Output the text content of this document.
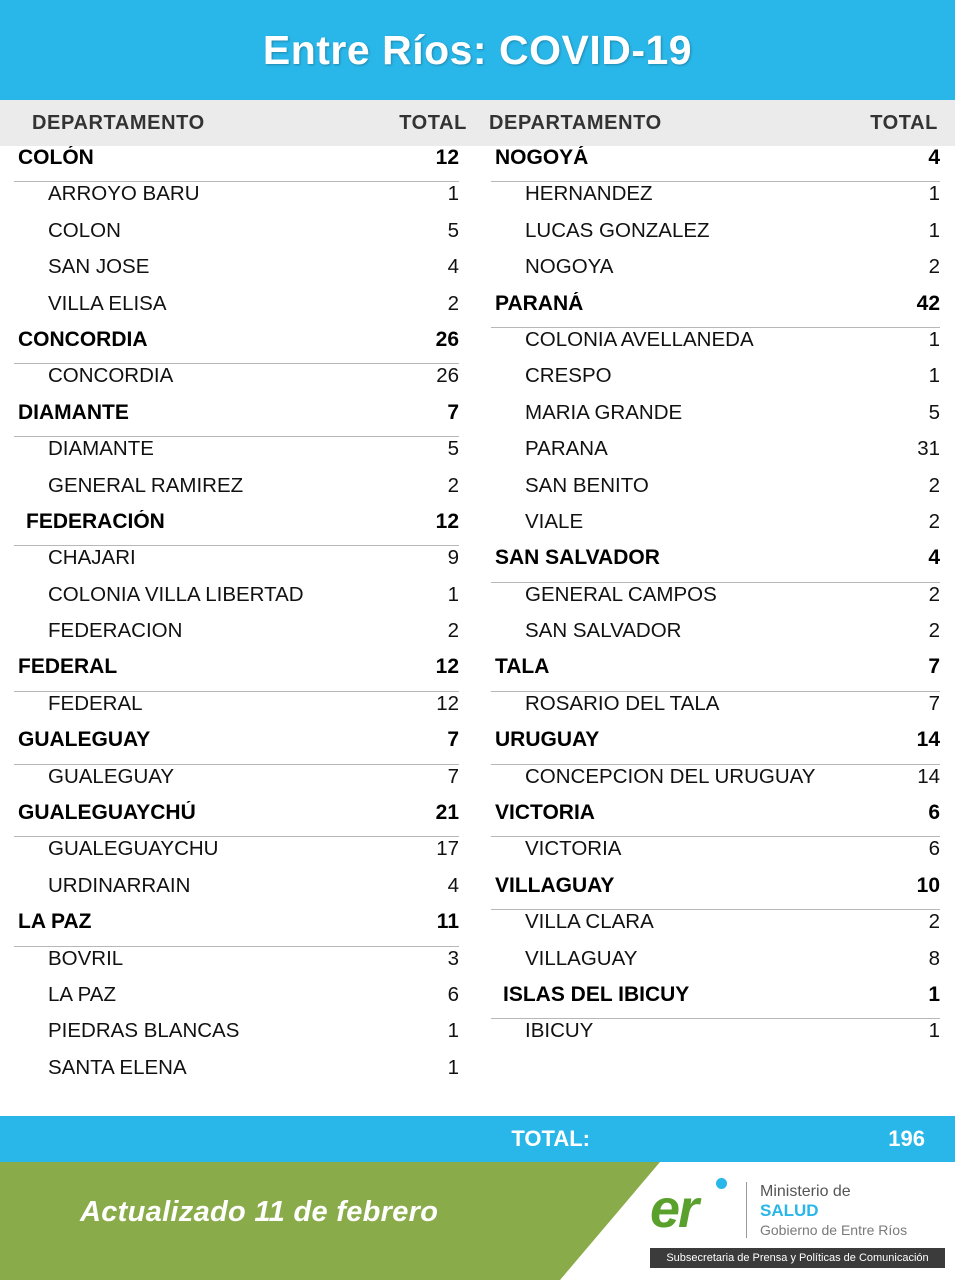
Entre Ríos: COVID-19
DEPARTAMENTO	TOTAL DEPARTAMENTO	TOTAL
COLÓN	12
ARROYO BARU	1
COLON	5
SAN JOSE	4
VILLA ELISA	2
CONCORDIA	26
CONCORDIA	26
DIAMANTE	7
DIAMANTE	5
GENERAL RAMIREZ	2
FEDERACIÓN	12
CHAJARI	9
COLONIA VILLA LIBERTAD	1
FEDERACION	2
FEDERAL	12
FEDERAL	12
GUALEGUAY	7
GUALEGUAY	7
GUALEGUAYCHÚ	21
GUALEGUAYCHU	17
URDINARRAIN	4
LA PAZ	11
BOVRIL	3
LA PAZ	6
PIEDRAS BLANCAS	1
SANTA ELENA	1
NOGOYÁ	4
HERNANDEZ	1
LUCAS GONZALEZ	1
NOGOYA	2
PARANÁ	42
COLONIA AVELLANEDA	1
CRESPO	1
MARIA GRANDE	5
PARANA	31
SAN BENITO	2
VIALE	2
SAN SALVADOR	4
GENERAL CAMPOS	2
SAN SALVADOR	2
TALA	7
ROSARIO DEL TALA	7
URUGUAY	14
CONCEPCION DEL URUGUAY	14
VICTORIA	6
VICTORIA	6
VILLAGUAY	10
VILLA CLARA	2
VILLAGUAY	8
ISLAS DEL IBICUY	1
IBICUY	1
TOTAL:	196
Actualizado 11 de febrero	er	Ministerio de
SALUD
Gobierno de Entre Ríos
Subsecretaria de Prensa y Políticas de Comunicación
